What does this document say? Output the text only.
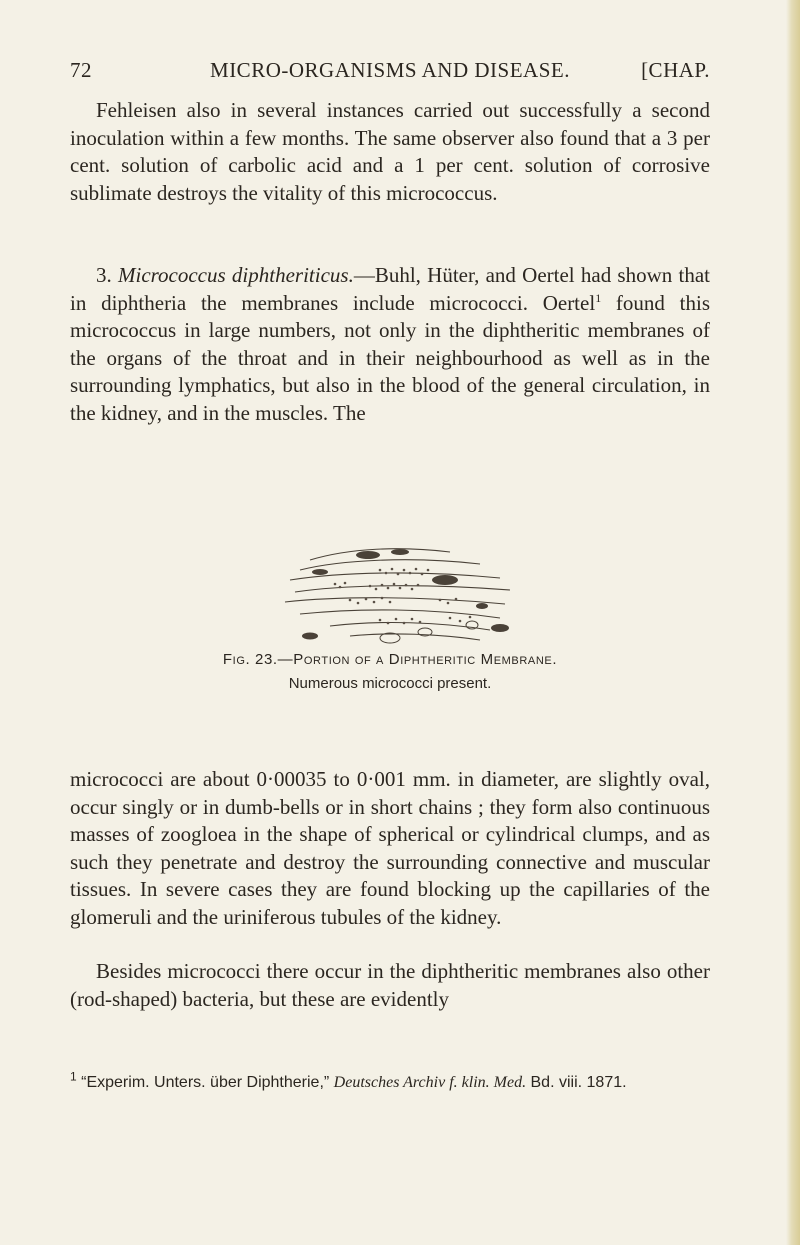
72	MICRO-ORGANISMS AND DISEASE.	[CHAP.

Fehleisen also in several instances carried out successfully a second inoculation within a few months. The same observer also found that a 3 per cent. solution of carbolic acid and a 1 per cent. solution of corrosive sublimate destroys the vitality of this micrococcus.

3. Micrococcus diphtheriticus.—Buhl, Hüter, and Oertel had shown that in diphtheria the membranes include micrococci. Oertel$^1$ found this micrococcus in large numbers, not only in the diphtheritic membranes of the organs of the throat and in their neighbourhood as well as in the surrounding lymphatics, but also in the blood of the general circulation, in the kidney, and in the muscles. The

Fig. 23.—Portion of a Diphtheritic Membrane.
Numerous micrococci present.

micrococci are about 0·00035 to 0·001 mm. in diameter, are slightly oval, occur singly or in dumb-bells or in short chains ; they form also continuous masses of zoogloea in the shape of spherical or cylindrical clumps, and as such they penetrate and destroy the surrounding connective and muscular tissues. In severe cases they are found blocking up the capillaries of the glomeruli and the uriniferous tubules of the kidney.

Besides micrococci there occur in the diphtheritic membranes also other (rod-shaped) bacteria, but these are evidently

$^1$ “Experim. Unters. über Diphtherie,” Deutsches Archiv f. klin. Med. Bd. viii. 1871.
